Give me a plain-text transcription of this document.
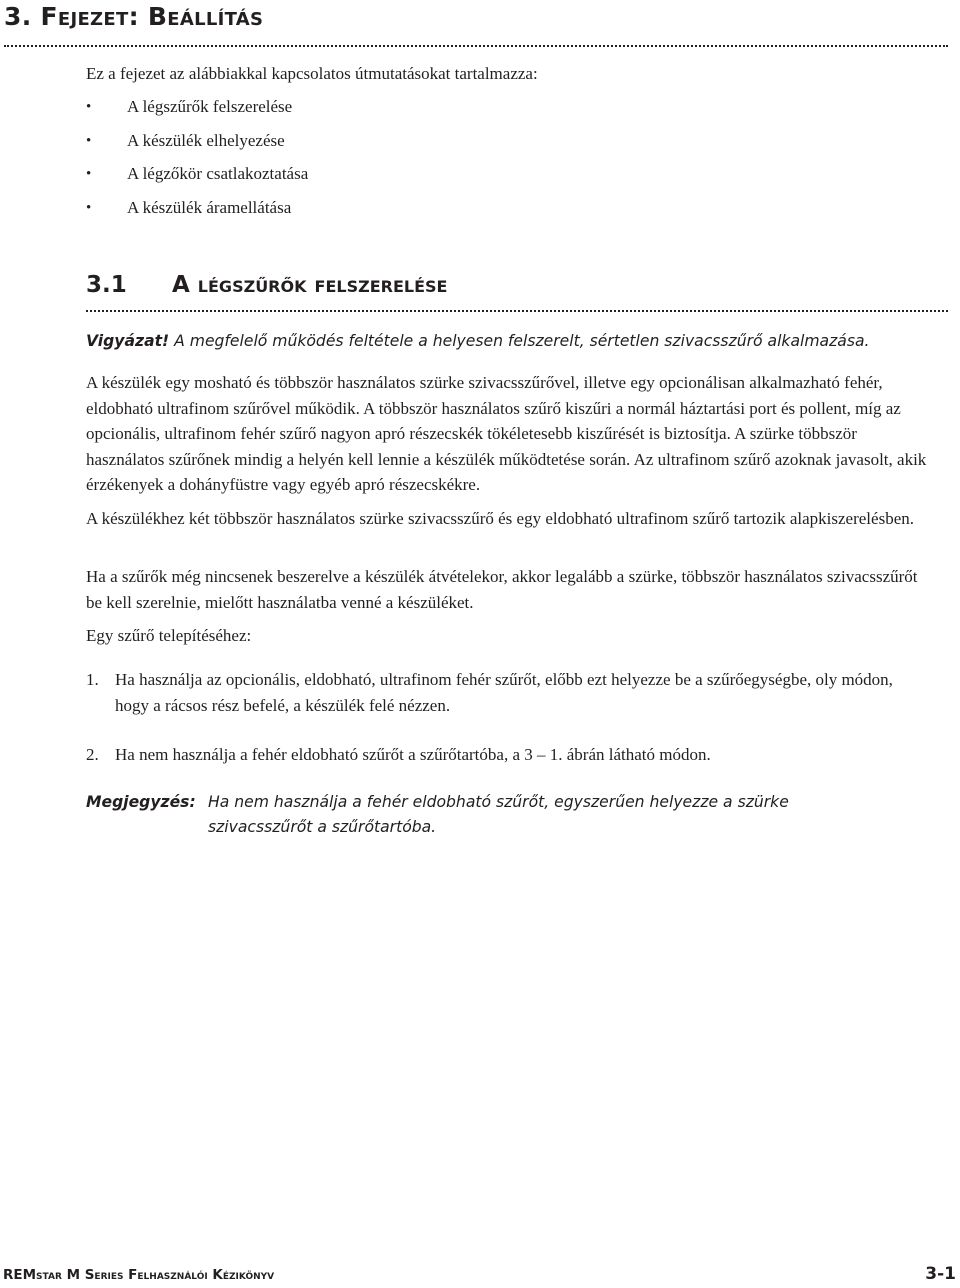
3. Fejezet: Beállítás

Ez a fejezet az alábbiakkal kapcsolatos útmutatásokat tartalmazza:

•	A légszűrők felszerelése
•	A készülék elhelyezése
•	A légzőkör csatlakoztatása
•	A készülék áramellátása
3.1 A légszűrők felszerelése

Vigyázat! A megfelelő működés feltétele a helyesen felszerelt, sértetlen szivacsszűrő alkalmazása.

A készülék egy mosható és többször használatos szürke szivacsszűrővel, illetve egy opcionálisan alkalmazható fehér, eldobható ultrafinom szűrővel működik. A többször használatos szűrő kiszűri a normál háztartási port és pollent, míg az opcionális, ultrafinom fehér szűrő nagyon apró részecskék tökéletesebb kiszűrését is biztosítja. A szürke többször használatos szűrőnek mindig a helyén kell lennie a készülék működtetése során. Az ultrafinom szűrő azoknak javasolt, akik érzékenyek a dohányfüstre vagy egyéb apró részecskékre.

A készülékhez két többször használatos szürke szivacsszűrő és egy eldobható ultrafinom szűrő tartozik alapkiszerelésben.

Ha a szűrők még nincsenek beszerelve a készülék átvételekor, akkor legalább a szürke, többször használatos szivacsszűrőt be kell szerelnie, mielőtt használatba venné a készüléket.

Egy szűrő telepítéséhez:

1. Ha használja az opcionális, eldobható, ultrafinom fehér szűrőt, előbb ezt helyezze be a szűrőegységbe, oly módon, hogy a rácsos rész befelé, a készülék felé nézzen.
2. Ha nem használja a fehér eldobható szűrőt a szűrőtartóba, a 3 – 1. ábrán látható módon.
Megjegyzés: Ha nem használja a fehér eldobható szűrőt, egyszerűen helyezze a szürke szivacsszűrőt a szűrőtartóba.

REMstar M Series Felhasználói Kézikönyv	3-1
